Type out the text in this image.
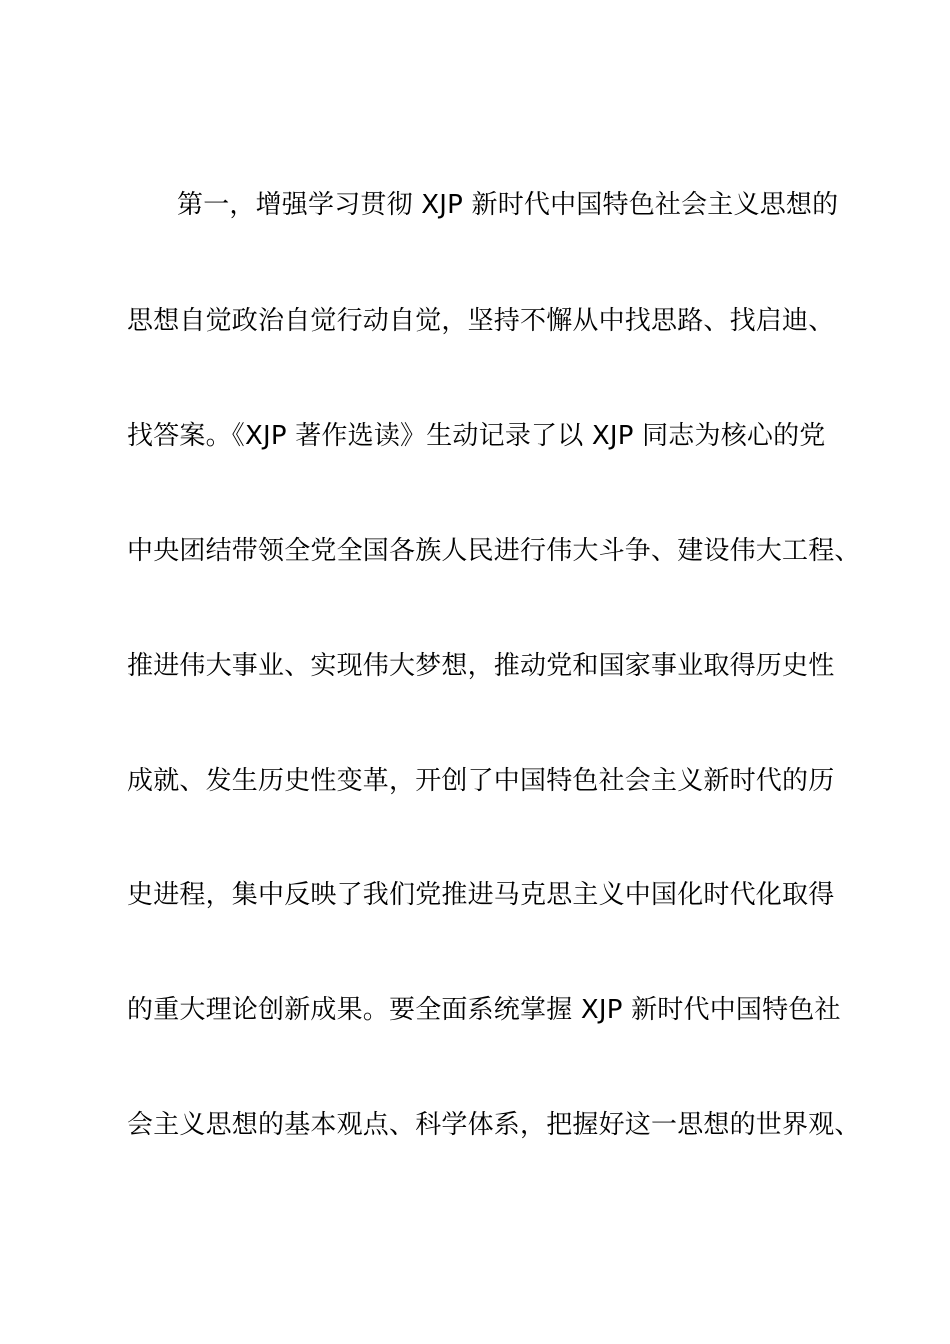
第一，增强学习贯彻 XJP 新时代中国特色社会主义思想的
思想自觉政治自觉行动自觉，坚持不懈从中找思路、找启迪、
找答案。《XJP 著作选读》生动记录了以 XJP 同志为核心的党
中央团结带领全党全国各族人民进行伟大斗争、建设伟大工程、
推进伟大事业、实现伟大梦想，推动党和国家事业取得历史性
成就、发生历史性变革，开创了中国特色社会主义新时代的历
史进程，集中反映了我们党推进马克思主义中国化时代化取得
的重大理论创新成果。要全面系统掌握 XJP 新时代中国特色社
会主义思想的基本观点、科学体系，把握好这一思想的世界观、
